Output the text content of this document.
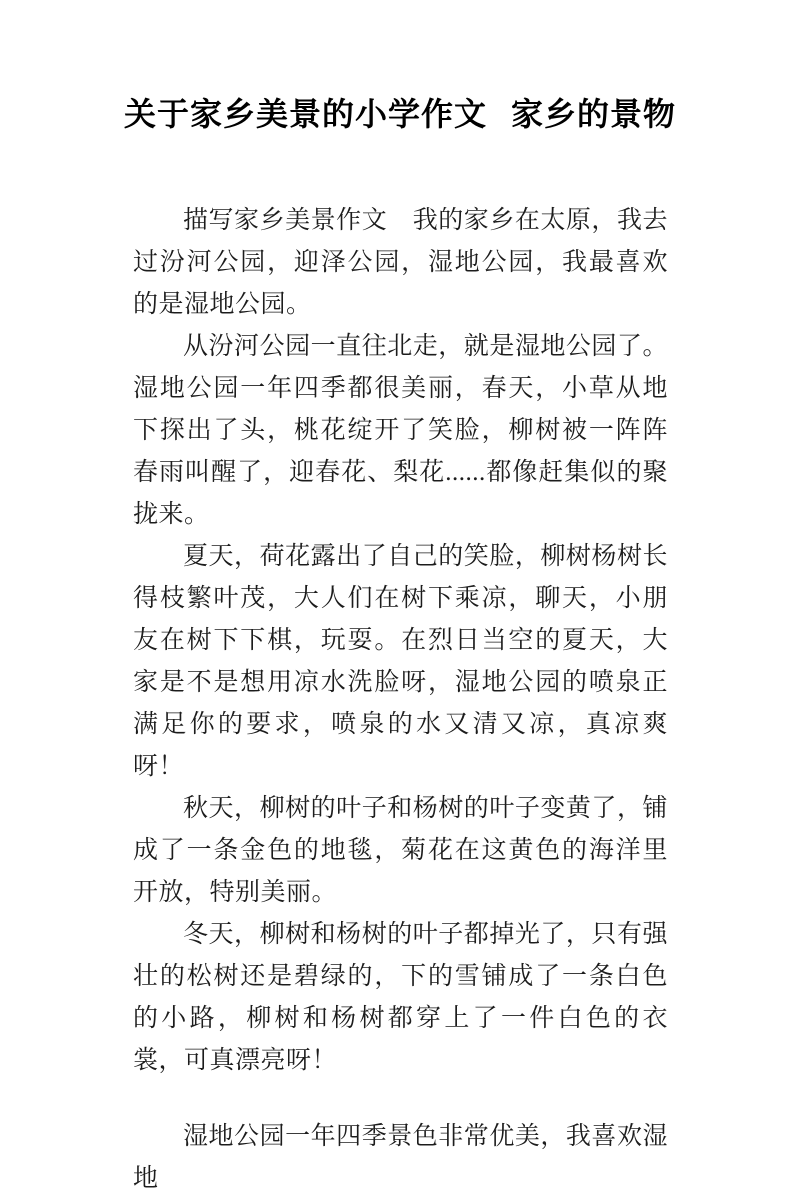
关于家乡美景的小学作文 家乡的景物

描写家乡美景作文　我的家乡在太原，我去过汾河公园，迎泽公园，湿地公园，我最喜欢的是湿地公园。

从汾河公园一直往北走，就是湿地公园了。湿地公园一年四季都很美丽，春天，小草从地下探出了头，桃花绽开了笑脸，柳树被一阵阵春雨叫醒了，迎春花、梨花......都像赶集似的聚拢来。

夏天，荷花露出了自己的笑脸，柳树杨树长得枝繁叶茂，大人们在树下乘凉，聊天，小朋友在树下下棋，玩耍。在烈日当空的夏天，大家是不是想用凉水洗脸呀，湿地公园的喷泉正满足你的要求，喷泉的水又清又凉，真凉爽呀！

秋天，柳树的叶子和杨树的叶子变黄了，铺成了一条金色的地毯，菊花在这黄色的海洋里开放，特别美丽。

冬天，柳树和杨树的叶子都掉光了，只有强壮的松树还是碧绿的，下的雪铺成了一条白色的小路，柳树和杨树都穿上了一件白色的衣裳，可真漂亮呀！

湿地公园一年四季景色非常优美，我喜欢湿地
